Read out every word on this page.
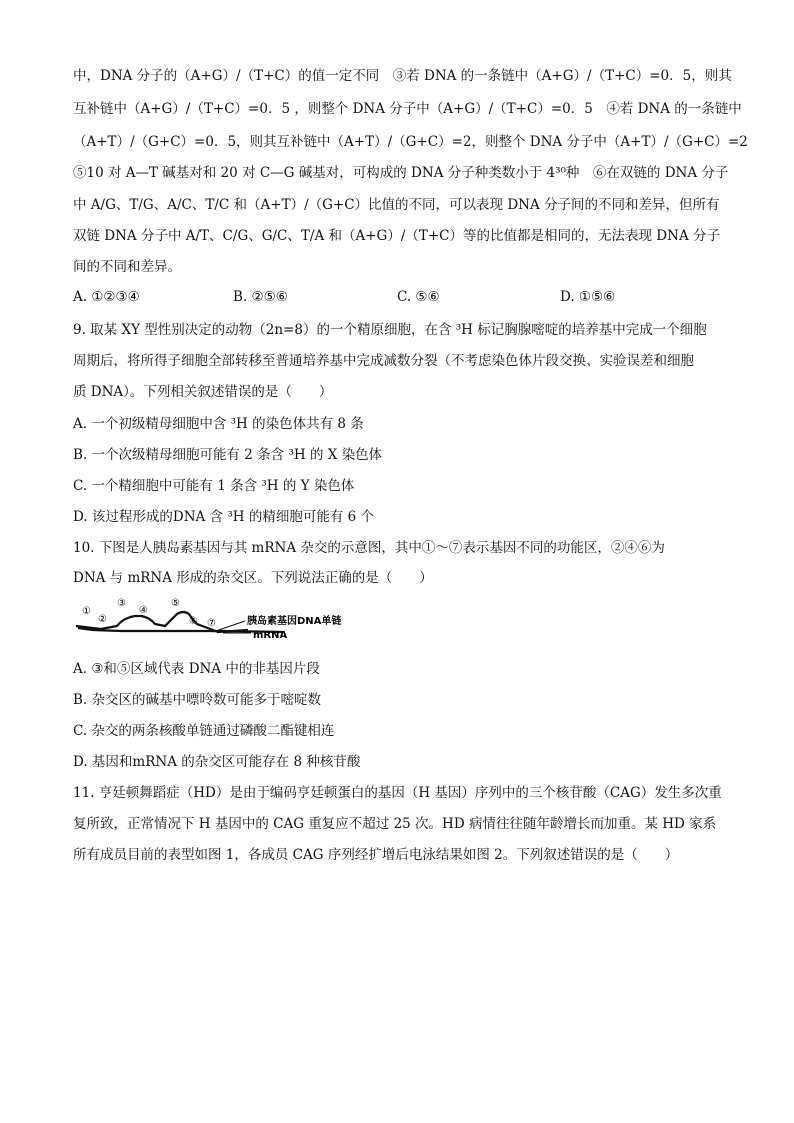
中，DNA 分子的（A+G）/（T+C）的值一定不同　③若 DNA 的一条链中（A+G）/（T+C）=0．5，则其
互补链中（A+G）/（T+C）=0．5 ，则整个 DNA 分子中（A+G）/（T+C）=0．5　④若 DNA 的一条链中
（A+T）/（G+C）=0．5，则其互补链中（A+T）/（G+C）=2，则整个 DNA 分子中（A+T）/（G+C）=2
⑤10 对 A—T 碱基对和 20 对 C—G 碱基对，可构成的 DNA 分子种类数小于 4³⁰种　⑥在双链的 DNA 分子
中 A/G、T/G、A/C、T/C 和（A+T）/（G+C）比值的不同，可以表现 DNA 分子间的不同和差异，但所有
双链 DNA 分子中 A/T、C/G、G/C、T/A 和（A+G）/（T+C）等的比值都是相同的，无法表现 DNA 分子
间的不同和差异。
A. ①②③④	B. ②⑤⑥	C. ⑤⑥	D. ①⑤⑥
9. 取某 XY 型性别决定的动物（2n=8）的一个精原细胞，在含 ³H 标记胸腺嘧啶的培养基中完成一个细胞
周期后，将所得子细胞全部转移至普通培养基中完成减数分裂（不考虑染色体片段交换、实验误差和细胞
质 DNA）。下列相关叙述错误的是（　　）
A. 一个初级精母细胞中含 ³H 的染色体共有 8 条
B. 一个次级精母细胞可能有 2 条含 ³H 的 X 染色体
C. 一个精细胞中可能有 1 条含 ³H 的 Y 染色体
D. 该过程形成的DNA 含 ³H 的精细胞可能有 6 个
10. 下图是人胰岛素基因与其 mRNA 杂交的示意图，其中①～⑦表示基因不同的功能区，②④⑥为
DNA 与 mRNA 形成的杂交区。下列说法正确的是（　　）
①
②
③
④
⑤
⑥ ⑦	胰岛素基因DNA单链
mRNA
A. ③和⑤区域代表 DNA 中的非基因片段
B. 杂交区的碱基中嘌呤数可能多于嘧啶数
C. 杂交的两条核酸单链通过磷酸二酯键相连
D. 基因和mRNA 的杂交区可能存在 8 种核苷酸
11. 亨廷顿舞蹈症（HD）是由于编码亨廷顿蛋白的基因（H 基因）序列中的三个核苷酸（CAG）发生多次重
复所致，正常情况下 H 基因中的 CAG 重复应不超过 25 次。HD 病情往往随年龄增长而加重。某 HD 家系
所有成员目前的表型如图 1，各成员 CAG 序列经扩增后电泳结果如图 2。下列叙述错误的是（　　）
